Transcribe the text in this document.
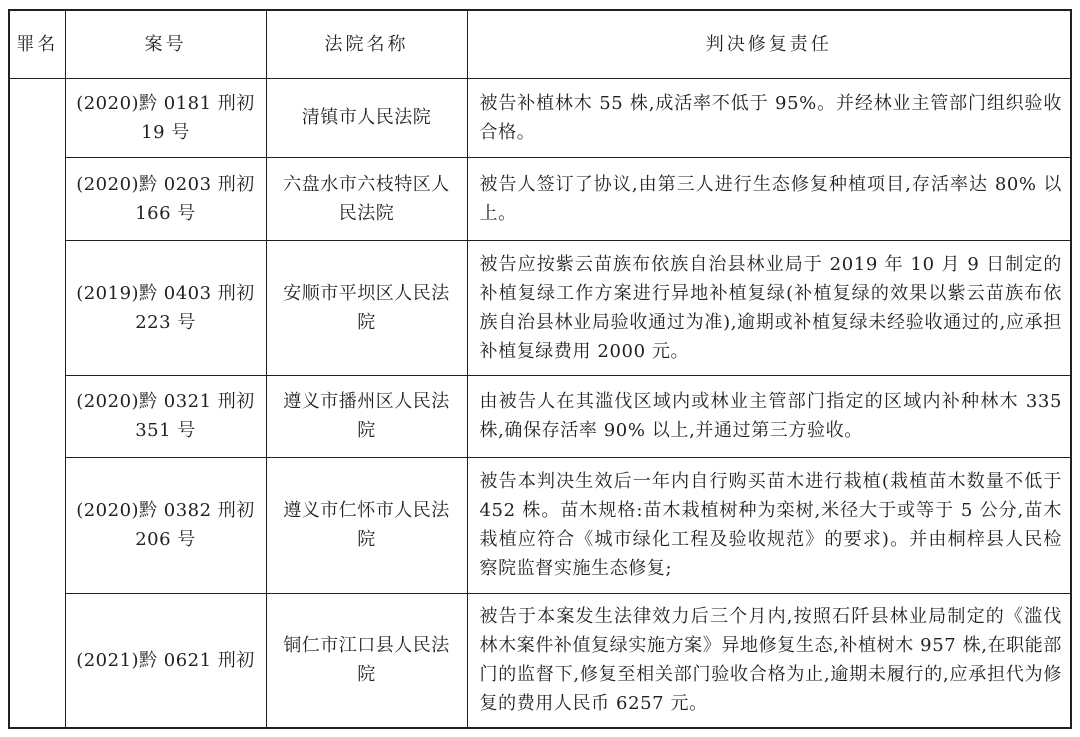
罪名	案号	法院名称	判决修复责任
	(2020)黔 0181 刑初 19 号	清镇市人民法院	被告补植林木 55 株,成活率不低于 95%。并经林业主管部门组织验收合格。
	(2020)黔 0203 刑初 166 号	六盘水市六枝特区人民法院	被告人签订了协议,由第三人进行生态修复种植项目,存活率达 80% 以上。
	(2019)黔 0403 刑初 223 号	安顺市平坝区人民法院	被告应按紫云苗族布依族自治县林业局于 2019 年 10 月 9 日制定的补植复绿工作方案进行异地补植复绿(补植复绿的效果以紫云苗族布依族自治县林业局验收通过为准),逾期或补植复绿未经验收通过的,应承担补植复绿费用 2000 元。
	(2020)黔 0321 刑初 351 号	遵义市播州区人民法院	由被告人在其滥伐区域内或林业主管部门指定的区域内补种林木 335 株,确保存活率 90% 以上,并通过第三方验收。
	(2020)黔 0382 刑初 206 号	遵义市仁怀市人民法院	被告本判决生效后一年内自行购买苗木进行栽植(栽植苗木数量不低于 452 株。苗木规格:苗木栽植树种为栾树,米径大于或等于 5 公分,苗木栽植应符合《城市绿化工程及验收规范》的要求)。并由桐梓县人民检察院监督实施生态修复;
	(2021)黔 0621 刑初	铜仁市江口县人民法院	被告于本案发生法律效力后三个月内,按照石阡县林业局制定的《滥伐林木案件补值复绿实施方案》异地修复生态,补植树木 957 株,在职能部门的监督下,修复至相关部门验收合格为止,逾期未履行的,应承担代为修复的费用人民币 6257 元。
